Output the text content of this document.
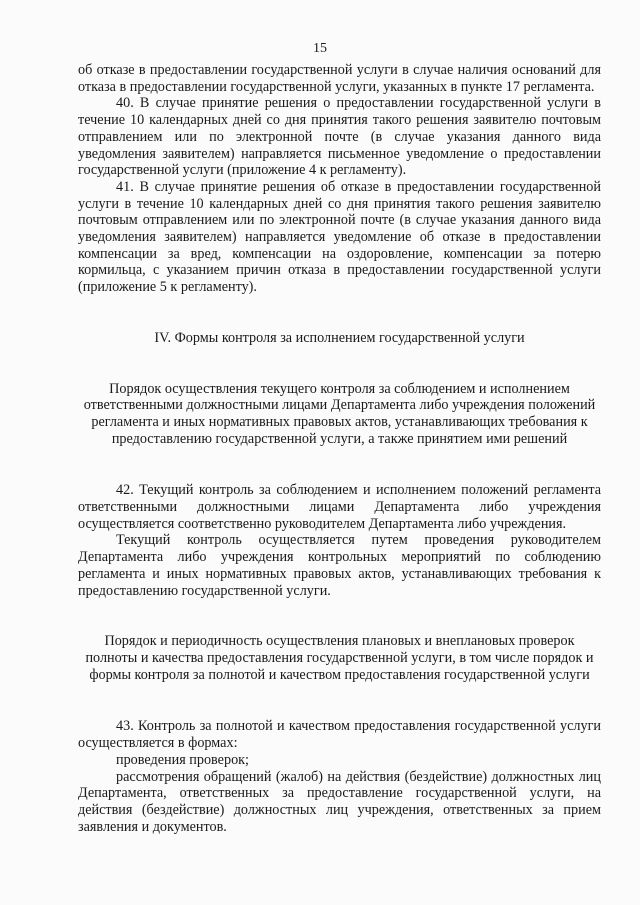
15

об отказе в предоставлении государственной услуги в случае наличия оснований для отказа в предоставлении государственной услуги, указанных в пункте 17 регламента.

40. В случае принятие решения о предоставлении государственной услуги в течение 10 календарных дней со дня принятия такого решения заявителю почтовым отправлением или по электронной почте (в случае указания данного вида уведомления заявителем) направляется письменное уведомление о предоставлении государственной услуги (приложение 4 к регламенту).

41. В случае принятие решения об отказе в предоставлении государственной услуги в течение 10 календарных дней со дня принятия такого решения заявителю почтовым отправлением или по электронной почте (в случае указания данного вида уведомления заявителем) направляется уведомление об отказе в предоставлении компенсации за вред, компенсации на оздоровление, компенсации за потерю кормильца, с указанием причин отказа в предоставлении государственной услуги (приложение 5 к регламенту).

IV. Формы контроля за исполнением государственной услуги

Порядок осуществления текущего контроля за соблюдением и исполнением ответственными должностными лицами Департамента либо учреждения положений регламента и иных нормативных правовых актов, устанавливающих требования к предоставлению государственной услуги, а также принятием ими решений

42. Текущий контроль за соблюдением и исполнением положений регламента ответственными должностными лицами Департамента либо учреждения осуществляется соответственно руководителем Департамента либо учреждения.

Текущий контроль осуществляется путем проведения руководителем Департамента либо учреждения контрольных мероприятий по соблюдению регламента и иных нормативных правовых актов, устанавливающих требования к предоставлению государственной услуги.

Порядок и периодичность осуществления плановых и внеплановых проверок полноты и качества предоставления государственной услуги, в том числе порядок и формы контроля за полнотой и качеством предоставления государственной услуги

43. Контроль за полнотой и качеством предоставления государственной услуги осуществляется в формах:

проведения проверок;

рассмотрения обращений (жалоб) на действия (бездействие) должностных лиц Департамента, ответственных за предоставление государственной услуги, на действия (бездействие) должностных лиц учреждения, ответственных за прием заявления и документов.
